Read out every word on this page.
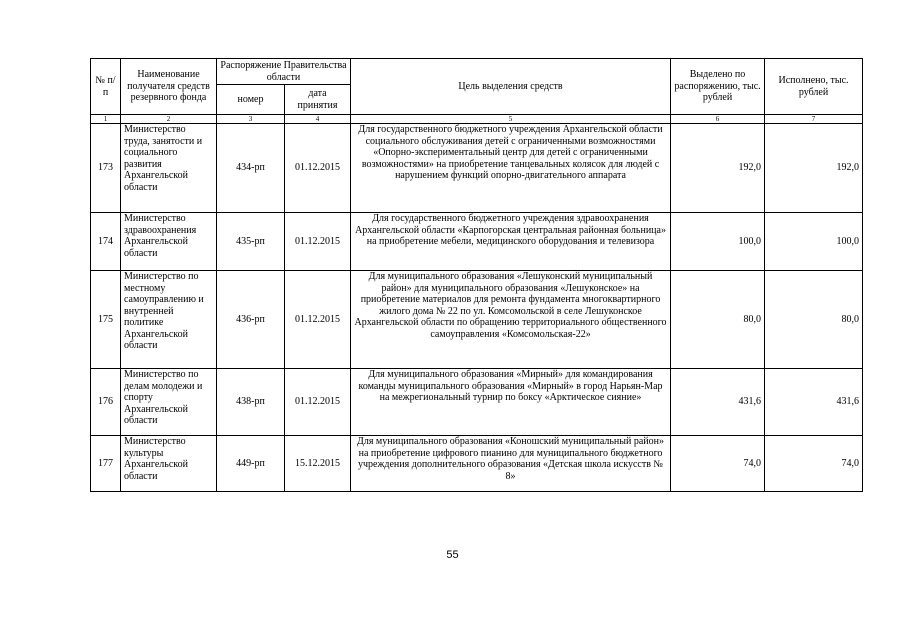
№ п/п	Наименование получателя средств резервного фонда	Распоряжение Правительства области		Цель выделения средств	Выделено по распоряжению, тыс. рублей	Исполнено, тыс. рублей
		номер	дата принятия			
1	2	3	4	5	6	7
173	Министерство труда, занятости и социального развития Архангельской области	434-рп	01.12.2015	Для государственного бюджетного учреждения Архангельской области социального обслуживания детей с ограниченными возможностями «Опорно-экспериментальный центр для детей с ограниченными возможностями» на приобретение танцевальных колясок для людей с нарушением функций опорно-двигательного аппарата	192,0	192,0
174	Министерство здравоохранения Архангельской области	435-рп	01.12.2015	Для государственного бюджетного учреждения здравоохранения Архангельской области «Карпогорская центральная районная больница» на приобретение мебели, медицинского оборудования и телевизора	100,0	100,0
175	Министерство по местному самоуправлению и внутренней политике Архангельской области	436-рп	01.12.2015	Для муниципального образования «Лешуконский муниципальный район» для муниципального образования «Лешуконское» на приобретение материалов для ремонта фундамента многоквартирного жилого дома № 22 по ул. Комсомольской в селе Лешуконское Архангельской области по обращению территориального общественного самоуправления «Комсомольская-22»	80,0	80,0
176	Министерство по делам молодежи и спорту Архангельской области	438-рп	01.12.2015	Для муниципального образования «Мирный» для командирования команды муниципального образования «Мирный» в город Нарьян-Мар на межрегиональный турнир по боксу «Арктическое сияние»	431,6	431,6
177	Министерство культуры Архангельской области	449-рп	15.12.2015	Для муниципального образования «Коношский муниципальный район» на приобретение цифрового пианино для муниципального бюджетного учреждения дополнительного образования «Детская школа искусств № 8»	74,0	74,0
55
